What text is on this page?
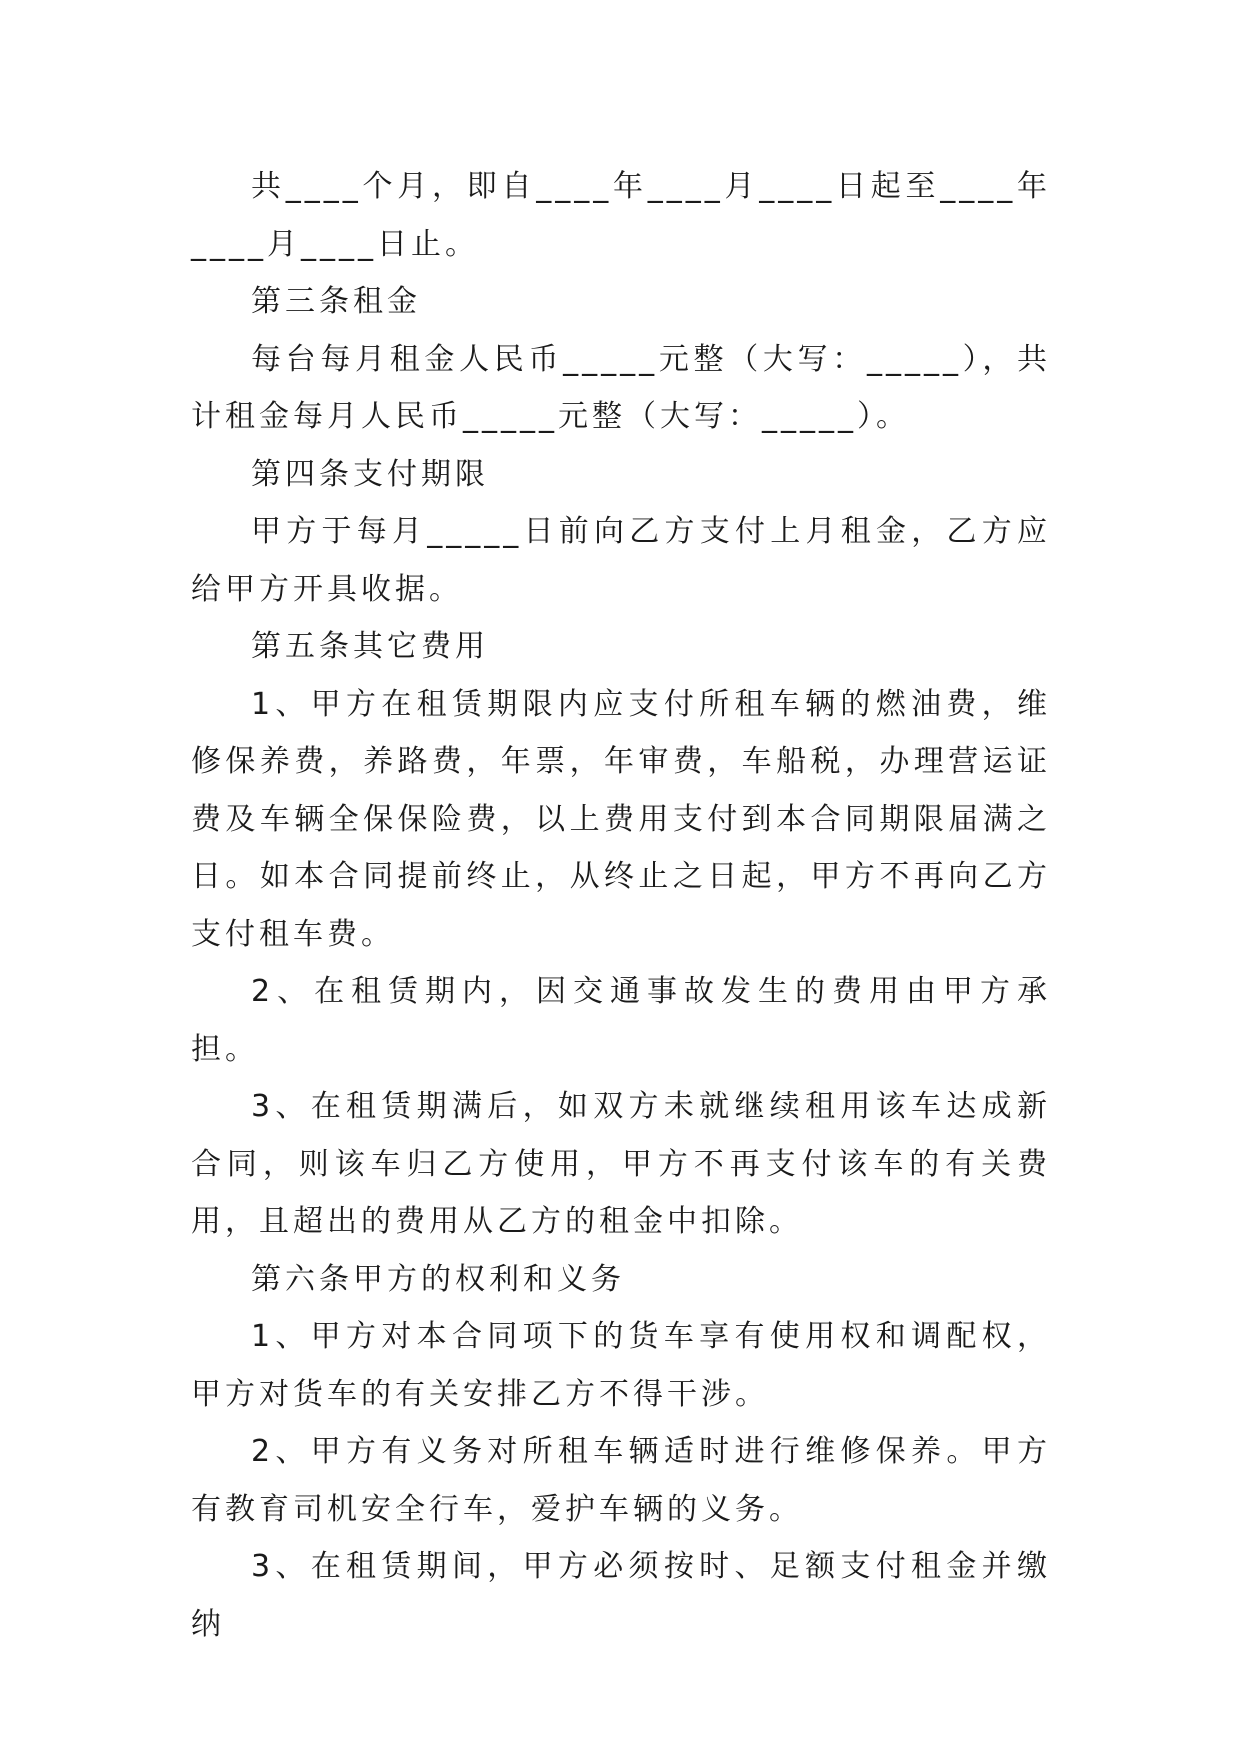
共____个月，即自____年____月____日起至____年____月____日止。

第三条租金

每台每月租金人民币_____元整（大写：_____），共计租金每月人民币_____元整（大写：_____）。

第四条支付期限

甲方于每月_____日前向乙方支付上月租金，乙方应给甲方开具收据。

第五条其它费用

1、甲方在租赁期限内应支付所租车辆的燃油费，维修保养费，养路费，年票，年审费，车船税，办理营运证费及车辆全保保险费，以上费用支付到本合同期限届满之日。如本合同提前终止，从终止之日起，甲方不再向乙方支付租车费。

2、在租赁期内，因交通事故发生的费用由甲方承担。

3、在租赁期满后，如双方未就继续租用该车达成新合同，则该车归乙方使用，甲方不再支付该车的有关费用，且超出的费用从乙方的租金中扣除。

第六条甲方的权利和义务

1、甲方对本合同项下的货车享有使用权和调配权，甲方对货车的有关安排乙方不得干涉。

2、甲方有义务对所租车辆适时进行维修保养。甲方有教育司机安全行车，爱护车辆的义务。

3、在租赁期间，甲方必须按时、足额支付租金并缴纳
